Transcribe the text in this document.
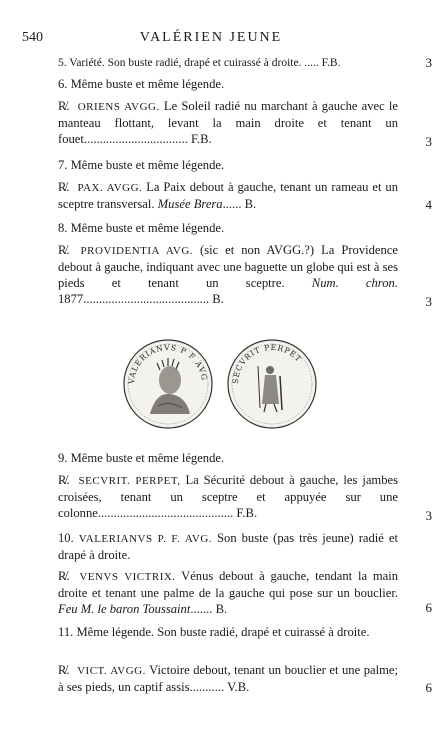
540	VALÉRIEN JEUNE
5. Variété. Son buste radié, drapé et cuirassé à droite. ..... F.B.	3
6. Même buste et même légende.
R̸. ORIENS AVGG. Le Soleil radié nu marchant à gauche avec le manteau flottant, levant la main droite et tenant un fouet................................. F.B.	3
7. Même buste et même légende.
R̸. PAX. AVGG. La Paix debout à gauche, tenant un rameau et un sceptre transversal. Musée Brera...... B.	4
8. Même buste et même légende.
R̸. PROVIDENTIA AVG. (sic et non AVGG.?) La Providence debout à gauche, indiquant avec une baguette un globe qui est à ses pieds et tenant un sceptre. Num. chron. 1877........................................ B.	3
VALERIANVS P F AVG	SECVRIT PERPET
9. Même buste et même légende.
R̸. SECVRIT. PERPET, La Sécurité debout à gauche, les jambes croisées, tenant un sceptre et appuyée sur une colonne........................................... F.B.	3
10. VALERIANVS P. F. AVG. Son buste (pas très jeune) radié et drapé à droite.
R̸. VENVS VICTRIX. Vénus debout à gauche, tendant la main droite et tenant une palme de la gauche qui pose sur un bouclier. Feu M. le baron Toussaint....... B.	6
11. Même légende. Son buste radié, drapé et cuirassé à droite.
R̸. VICT. AVGG. Victoire debout, tenant un bouclier et une palme; à ses pieds, un captif assis........... V.B.	6
